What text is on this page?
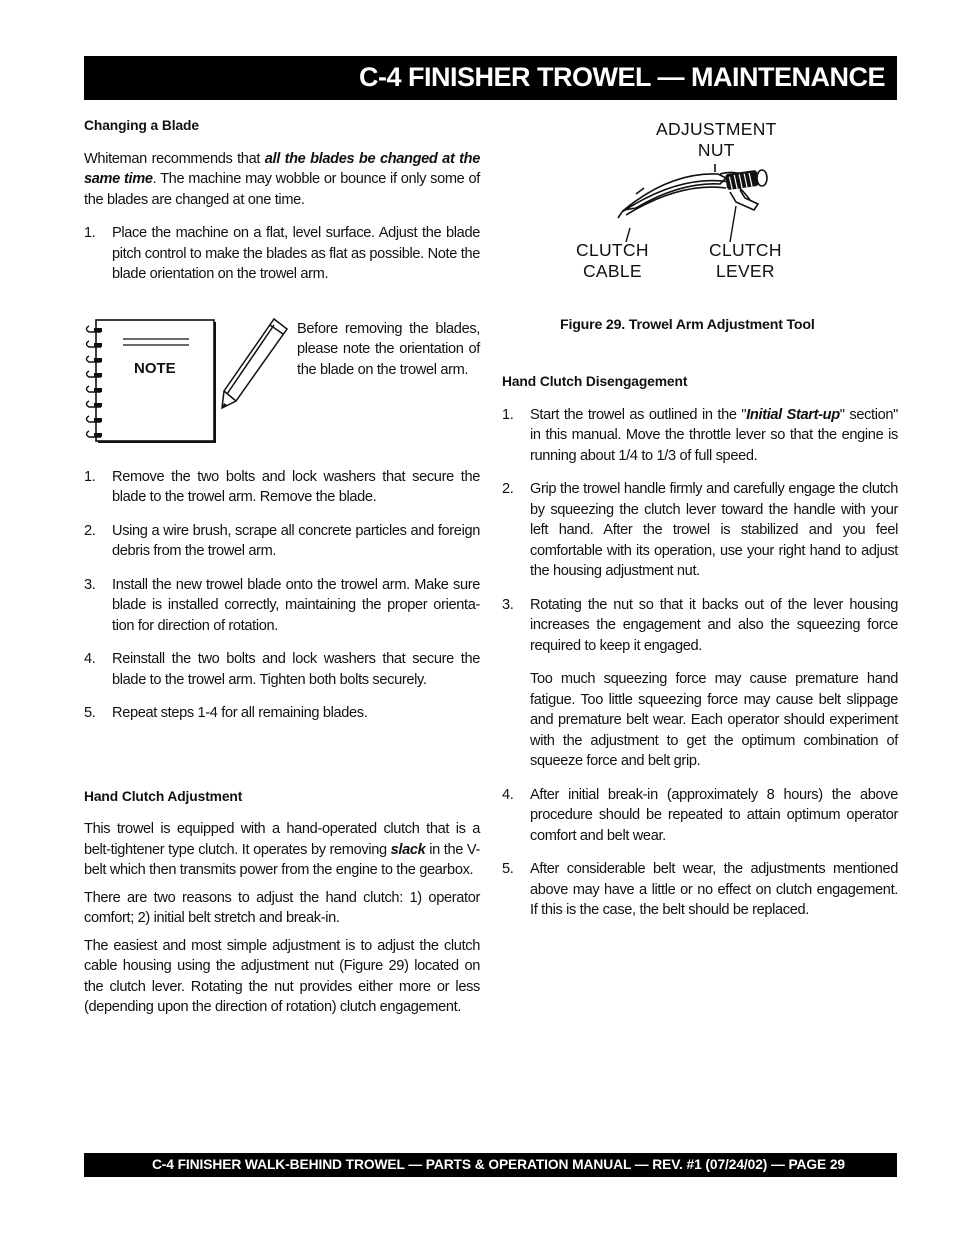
C-4 FINISHER TROWEL — MAINTENANCE
Changing a Blade

Whiteman recommends that all the blades be changed at the same time. The machine may wobble or bounce if only some of the blades are changed at one time.

1. Place the machine on a flat, level surface. Adjust the blade pitch control to make the blades as flat as possible. Note the blade orientation on the trowel arm.
NOTE
Before removing the blades, please note the orientation of the blade on the trowel arm.
1. Remove the two bolts and lock washers that secure the blade to the trowel arm. Remove the blade.
2. Using a wire brush, scrape all concrete particles and foreign debris from the trowel arm.
3. Install the new trowel blade onto the trowel arm. Make sure blade is installed correctly, maintaining the proper orienta-tion for direction of rotation.
4. Reinstall the two bolts and lock washers that secure the blade to the trowel arm. Tighten both bolts securely.
5. Repeat steps 1-4 for all remaining blades.
Hand Clutch Adjustment

This trowel is equipped with a hand-operated clutch that is a belt-tightener type clutch. It operates by removing slack in the V-belt which then transmits power from the engine to the gearbox.

There are two reasons to adjust the hand clutch: 1) operator comfort; 2) initial belt stretch and break-in.

The easiest and most simple adjustment is to adjust the clutch cable housing using the adjustment nut (Figure 29) located on the clutch lever. Rotating the nut provides either more or less (depending upon the direction of rotation) clutch engagement.

ADJUSTMENT
NUT
CLUTCH
CABLE
CLUTCH
LEVER
Figure 29. Trowel Arm Adjustment Tool
Hand Clutch Disengagement
1. Start the trowel as outlined in the "Initial Start-up" section" in this manual. Move the throttle lever so that the engine is running about 1/4 to 1/3 of full speed.
2. Grip the trowel handle firmly and carefully engage the clutch by squeezing the clutch lever toward the handle with your left hand. After the trowel is stabilized and you feel comfortable with its operation, use your right hand to adjust the housing adjustment nut.
3. Rotating the nut so that it backs out of the lever housing increases the engagement and also the squeezing force required to keep it engaged.
Too much squeezing force may cause premature hand fatigue. Too little squeezing force may cause belt slippage and premature belt wear. Each operator should experiment with the adjustment to get the optimum combination of squeeze force and belt grip.
4. After initial break-in (approximately 8 hours) the above procedure should be repeated to attain optimum operator comfort and belt wear.
5. After considerable belt wear, the adjustments mentioned above may have a little or no effect on clutch engagement. If this is the case, the belt should be replaced.
C-4 FINISHER WALK-BEHIND TROWEL — PARTS & OPERATION MANUAL — REV. #1 (07/24/02) — PAGE 29
